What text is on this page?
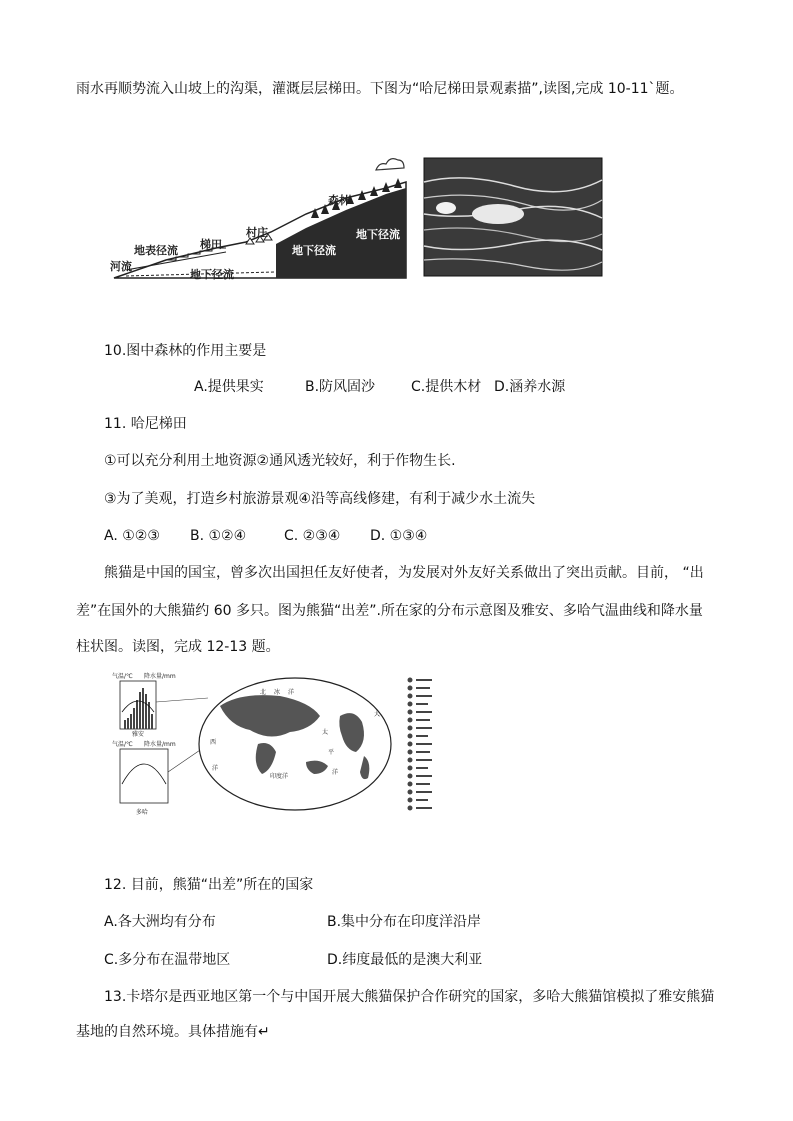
雨水再顺势流入山坡上的沟渠，灌溉层层梯田。下图为“哈尼梯田景观素描”,读图,完成 10-11`题。
森林
地下径流
地下径流
村庄
梯田
地表径流
河流
地下径流
10.图中森林的作用主要是
A.提供果实	B.防风固沙	C.提供木材 D.涵养水源
11. 哈尼梯田
①可以充分利用土地资源②通风透光较好，利于作物生长.
③为了美观，打造乡村旅游景观④沿等高线修建，有利于减少水土流失
A. ①②③ B. ①②④	C. ②③④ D. ①③④
熊猫是中国的国宝，曾多次出国担任友好使者，为发展对外友好关系做出了突出贡献。目前， “出
差”在国外的大熊猫约 60 多只。图为熊猫“出差”.所在家的分布示意图及雅安、多哈气温曲线和降水量
柱状图。读图，完成 12-13 题。
气温/℃ 降水量/mm
雅安
气温/℃ 降水量/mm
多哈
北 冰 洋
太
平
洋
大
西
洋
印度洋
12. 目前，熊猫“出差”所在的国家
A.各大洲均有分布	B.集中分布在印度洋沿岸
C.多分布在温带地区	D.纬度最低的是澳大利亚
13.卡塔尔是西亚地区第一个与中国开展大熊猫保护合作研究的国家，多哈大熊猫馆模拟了雅安熊猫
基地的自然环境。具体措施有↵
